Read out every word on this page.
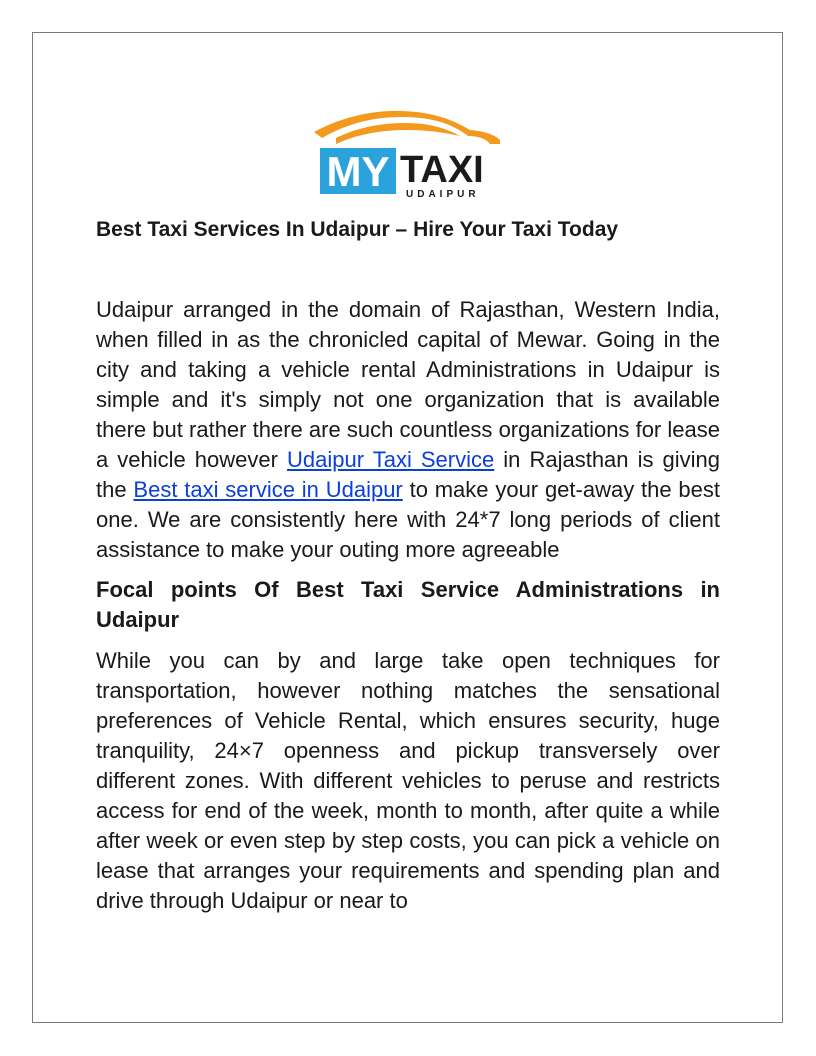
MY TAXI
UDAIPUR
Best Taxi Services In Udaipur – Hire Your Taxi Today

Udaipur arranged in the domain of Rajasthan, Western India, when filled in as the chronicled capital of Mewar. Going in the city and taking a vehicle rental Administrations in Udaipur is simple and it's simply not one organization that is available there but rather there are such countless organizations for lease a vehicle however Udaipur Taxi Service in Rajasthan is giving the Best taxi service in Udaipur to make your get-away the best one. We are consistently here with 24*7 long periods of client assistance to make your outing more agreeable

Focal points Of Best Taxi Service Administrations in Udaipur

While you can by and large take open techniques for transportation, however nothing matches the sensational preferences of Vehicle Rental, which ensures security, huge tranquility, 24×7 openness and pickup transversely over different zones. With different vehicles to peruse and restricts access for end of the week, month to month, after quite a while after week or even step by step costs, you can pick a vehicle on lease that arranges your requirements and spending plan and drive through Udaipur or near to
